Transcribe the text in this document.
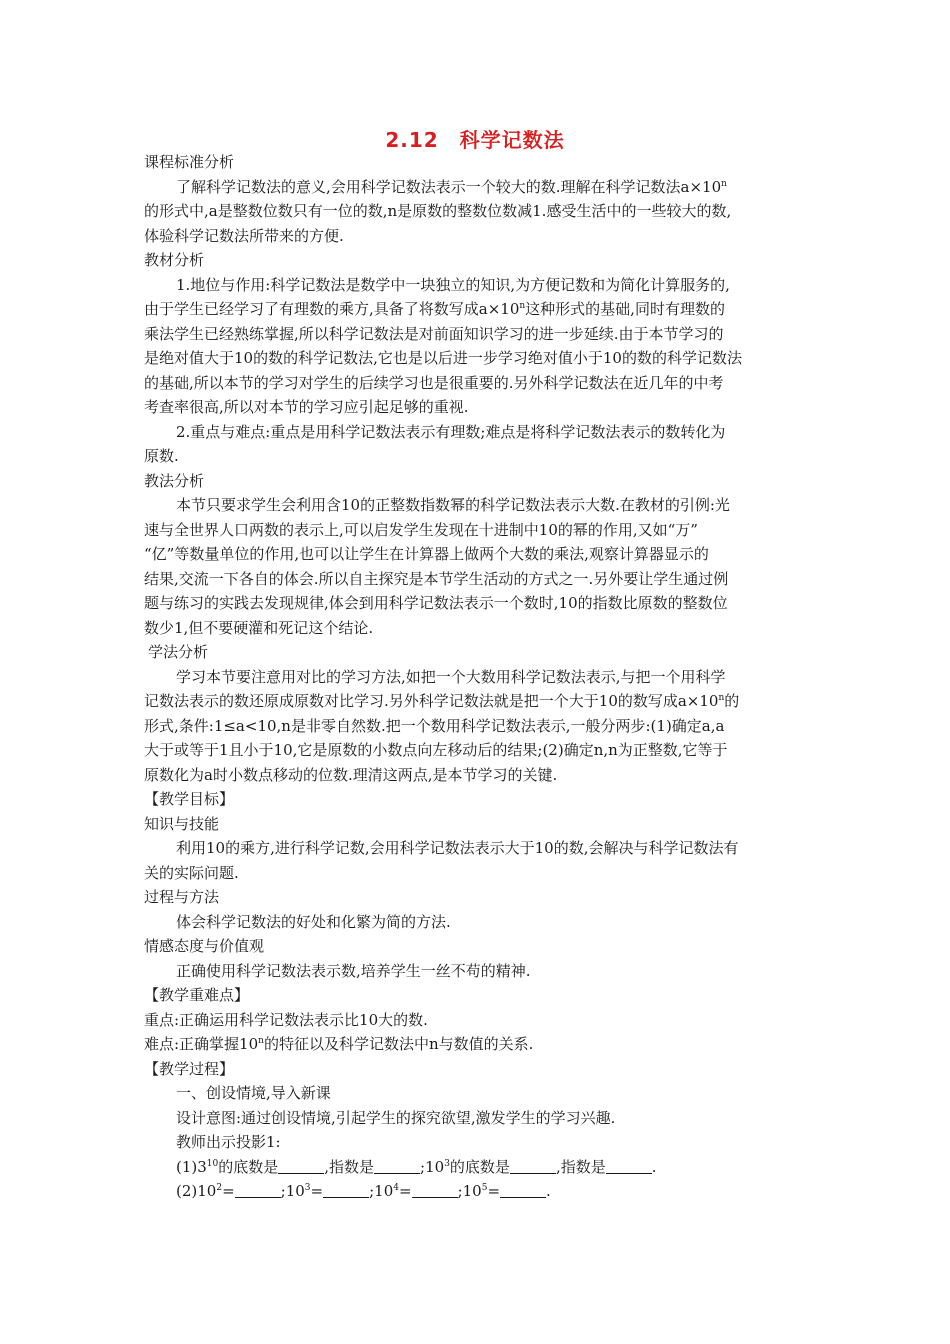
2.12　科学记数法
课程标准分析
了解科学记数法的意义,会用科学记数法表示一个较大的数.理解在科学记数法$a\times 10^n$
的形式中,a是整数位数只有一位的数,n是原数的整数位数减1.感受生活中的一些较大的数,
体验科学记数法所带来的方便.
教材分析
1.地位与作用:科学记数法是数学中一块独立的知识,为方便记数和为简化计算服务的,
由于学生已经学习了有理数的乘方,具备了将数写成$a\times 10^n$这种形式的基础,同时有理数的
乘法学生已经熟练掌握,所以科学记数法是对前面知识学习的进一步延续.由于本节学习的
是绝对值大于10的数的科学记数法,它也是以后进一步学习绝对值小于10的数的科学记数法
的基础,所以本节的学习对学生的后续学习也是很重要的.另外科学记数法在近几年的中考
考查率很高,所以对本节的学习应引起足够的重视.
2.重点与难点:重点是用科学记数法表示有理数;难点是将科学记数法表示的数转化为
原数.
教法分析
本节只要求学生会利用含10的正整数指数幂的科学记数法表示大数.在教材的引例:光
速与全世界人口两数的表示上,可以启发学生发现在十进制中10的幂的作用,又如“万”
“亿”等数量单位的作用,也可以让学生在计算器上做两个大数的乘法,观察计算器显示的
结果,交流一下各自的体会.所以自主探究是本节学生活动的方式之一.另外要让学生通过例
题与练习的实践去发现规律,体会到用科学记数法表示一个数时,10的指数比原数的整数位
数少1,但不要硬灌和死记这个结论.
学法分析
学习本节要注意用对比的学习方法,如把一个大数用科学记数法表示,与把一个用科学
记数法表示的数还原成原数对比学习.另外科学记数法就是把一个大于10的数写成$a\times 10^n$的
形式,条件:1≤a<10,n是非零自然数.把一个数用科学记数法表示,一般分两步:(1)确定a,a
大于或等于1且小于10,它是原数的小数点向左移动后的结果;(2)确定n,n为正整数,它等于
原数化为a时小数点移动的位数.理清这两点,是本节学习的关键.
【教学目标】
知识与技能
利用10的乘方,进行科学记数,会用科学记数法表示大于10的数,会解决与科学记数法有
关的实际问题.
过程与方法
体会科学记数法的好处和化繁为简的方法.
情感态度与价值观
正确使用科学记数法表示数,培养学生一丝不苟的精神.
【教学重难点】
重点:正确运用科学记数法表示比10大的数.
难点:正确掌握10$^n$的特征以及科学记数法中n与数值的关系.
【教学过程】
一、创设情境,导入新课
设计意图:通过创设情境,引起学生的探究欲望,激发学生的学习兴趣.
教师出示投影1:
$(1)3^{10}$的底数是	,指数是	$;10^3$的底数是	,指数是	.
$(2)10^2=$	$;10^3=$	$;10^4=$	$;10^5=$	.
